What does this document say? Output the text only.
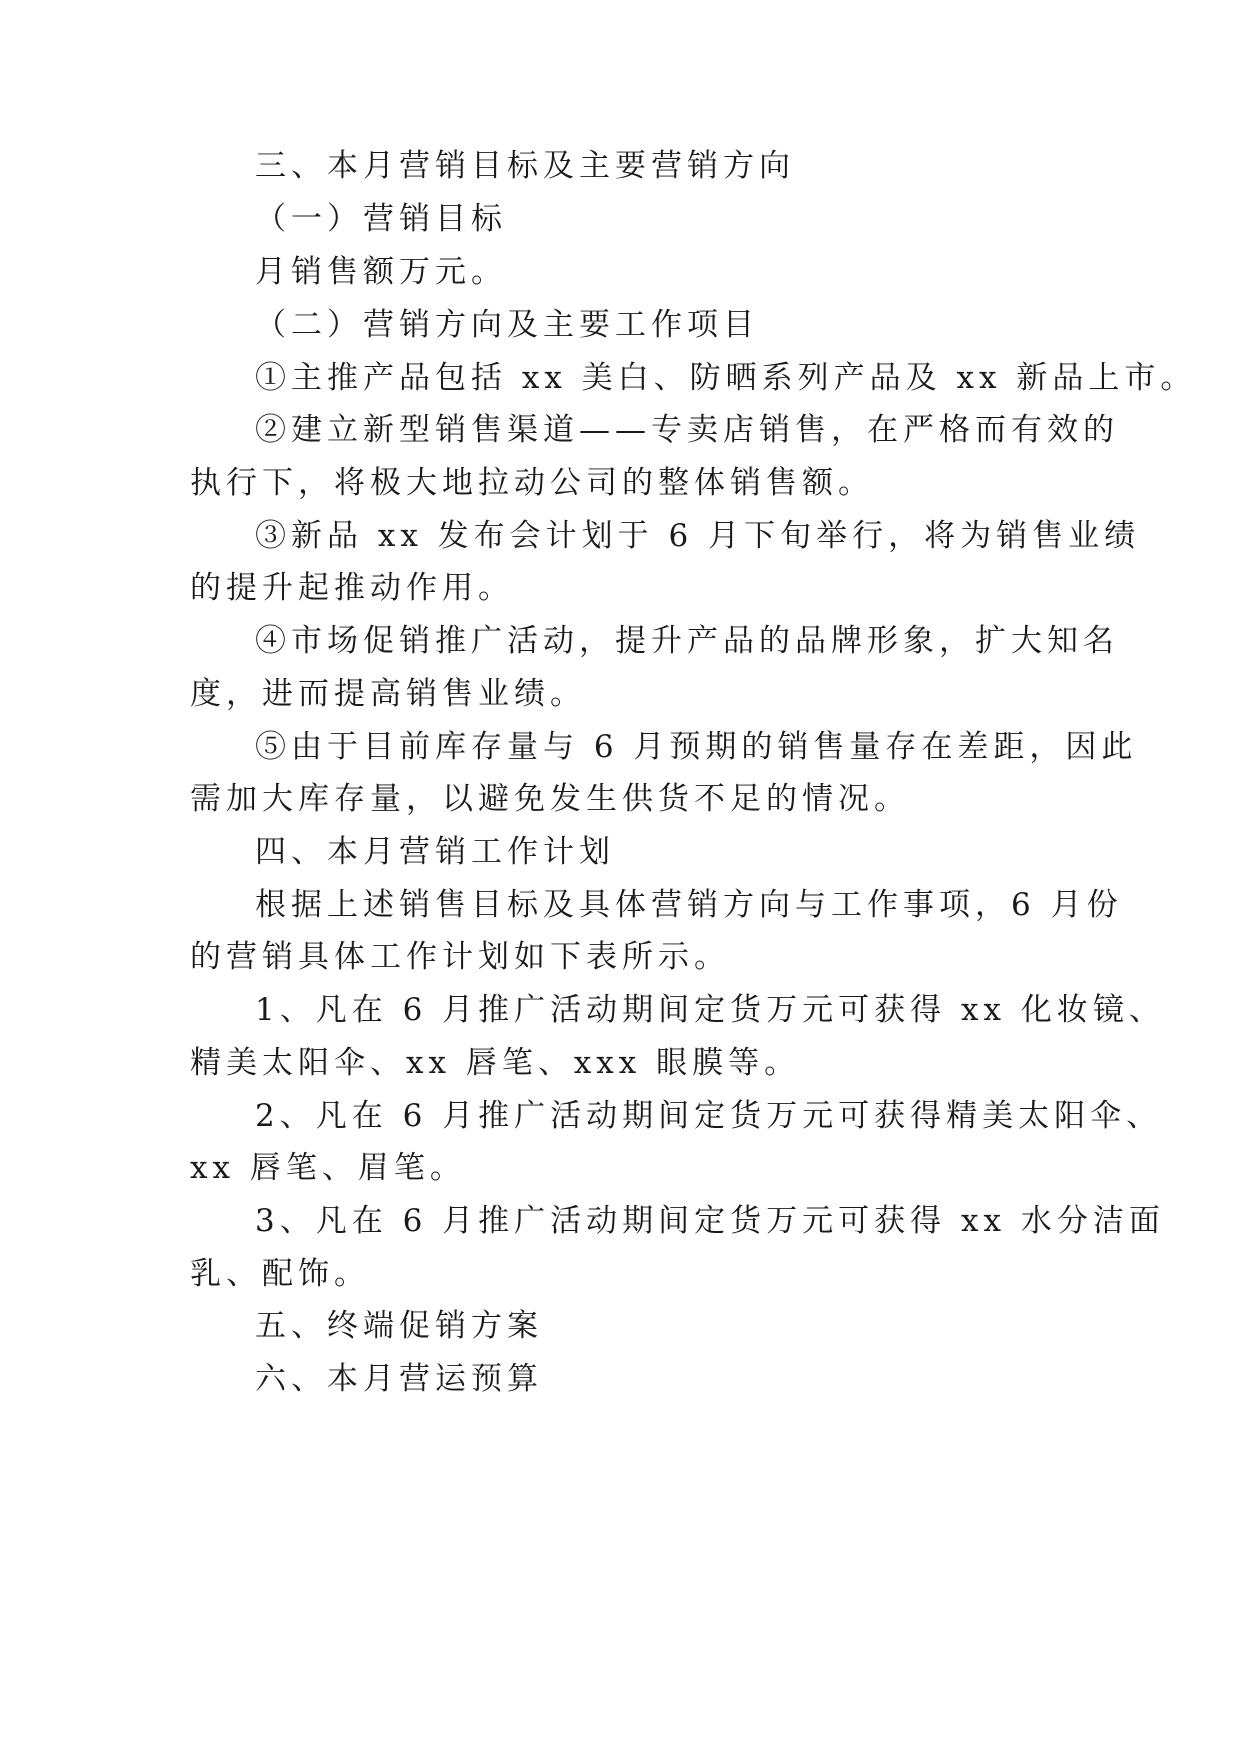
三、本月营销目标及主要营销方向
（一）营销目标
月销售额万元。
（二）营销方向及主要工作项目
①主推产品包括 xx 美白、防晒系列产品及 xx 新品上市。
②建立新型销售渠道——专卖店销售，在严格而有效的
执行下，将极大地拉动公司的整体销售额。
③新品 xx 发布会计划于 6 月下旬举行，将为销售业绩
的提升起推动作用。
④市场促销推广活动，提升产品的品牌形象，扩大知名
度，进而提高销售业绩。
⑤由于目前库存量与 6 月预期的销售量存在差距，因此
需加大库存量，以避免发生供货不足的情况。
四、本月营销工作计划
根据上述销售目标及具体营销方向与工作事项，6 月份
的营销具体工作计划如下表所示。
1、凡在 6 月推广活动期间定货万元可获得 xx 化妆镜、
精美太阳伞、xx 唇笔、xxx 眼膜等。
2、凡在 6 月推广活动期间定货万元可获得精美太阳伞、
xx 唇笔、眉笔。
3、凡在 6 月推广活动期间定货万元可获得 xx 水分洁面
乳、配饰。
五、终端促销方案
六、本月营运预算
